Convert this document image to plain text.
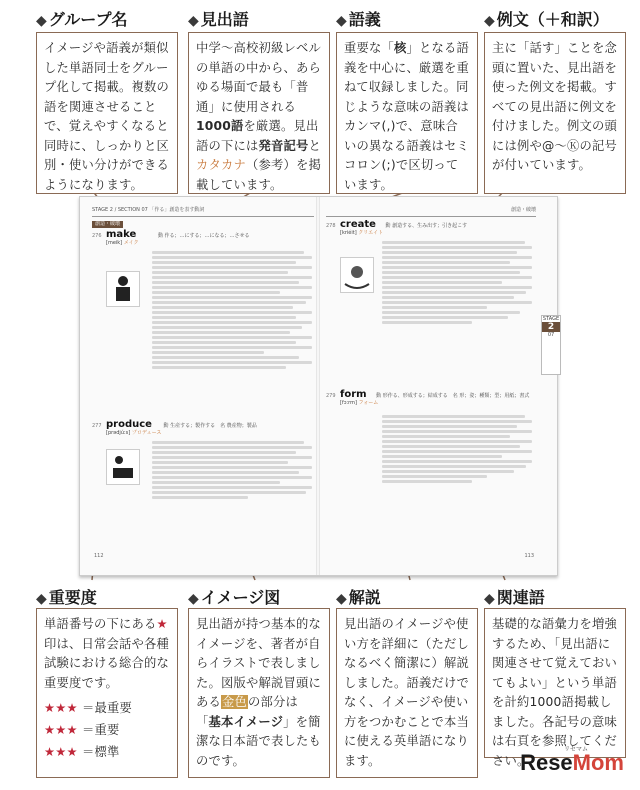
◆ グループ名
イメージや語義が類似した単語同士をグループ化して掲載。複数の語を関連させることで、覚えやすくなると同時に、しっかりと区別・使い分けができるようになります。
◆ 見出語
中学〜高校初級レベルの単語の中から、あらゆる場面で最も「普通」に使用される1000語を厳選。見出語の下には発音記号とカタカナ（参考）を掲載しています。
◆ 語義
重要な「核」となる語義を中心に、厳選を重ねて収録しました。同じような意味の語義はカンマ(,)で、意味合いの異なる語義はセミコロン(;)で区切っています。
◆ 例文（＋和訳）
主に「話す」ことを念頭に置いた、見出語を使った例文を掲載。すべての見出語に例文を付けました。例文の頭には例や@〜Ⓚの記号が付いています。
STAGE 2 / SECTION 07 「作る」創造を表す動詞
創造・破壊
276 make	動 作る；…にする；…になる；…させる
[meik] メイク
277 produce 動 生産する；製作する　名 農産物；製品
[prədjúːs] プロデュース
112
創造・破壊
278 create 動 創造する、生み出す；引き起こす
[kriéit] クリエイト
279 form 動 形作る、形成する；結成する　名 形；姿；種類；型；用紙；書式
[fɔːrm] フォーム
113
STAGE
2
07
◆ 重要度
単語番号の下にある★印は、日常会話や各種試験における総合的な重要度です。
★★★ ＝最重要
★★★ ＝重要
★★★ ＝標準
◆ イメージ図
見出語が持つ基本的なイメージを、著者が自らイラストで表しました。図版や解説冒頭にある金色の部分は「基本イメージ」を簡潔な日本語で表したものです。
◆ 解説
見出語のイメージや使い方を詳細に（ただしなるべく簡潔に）解説しました。語義だけでなく、イメージや使い方をつかむことで本当に使える英単語になります。
◆ 関連語
基礎的な語彙力を増強するため、「見出語に関連させて覚えておいてもよい」という単語を計約1000語掲載しました。各記号の意味は右頁を参照してください。
リセマム
ReseMom
